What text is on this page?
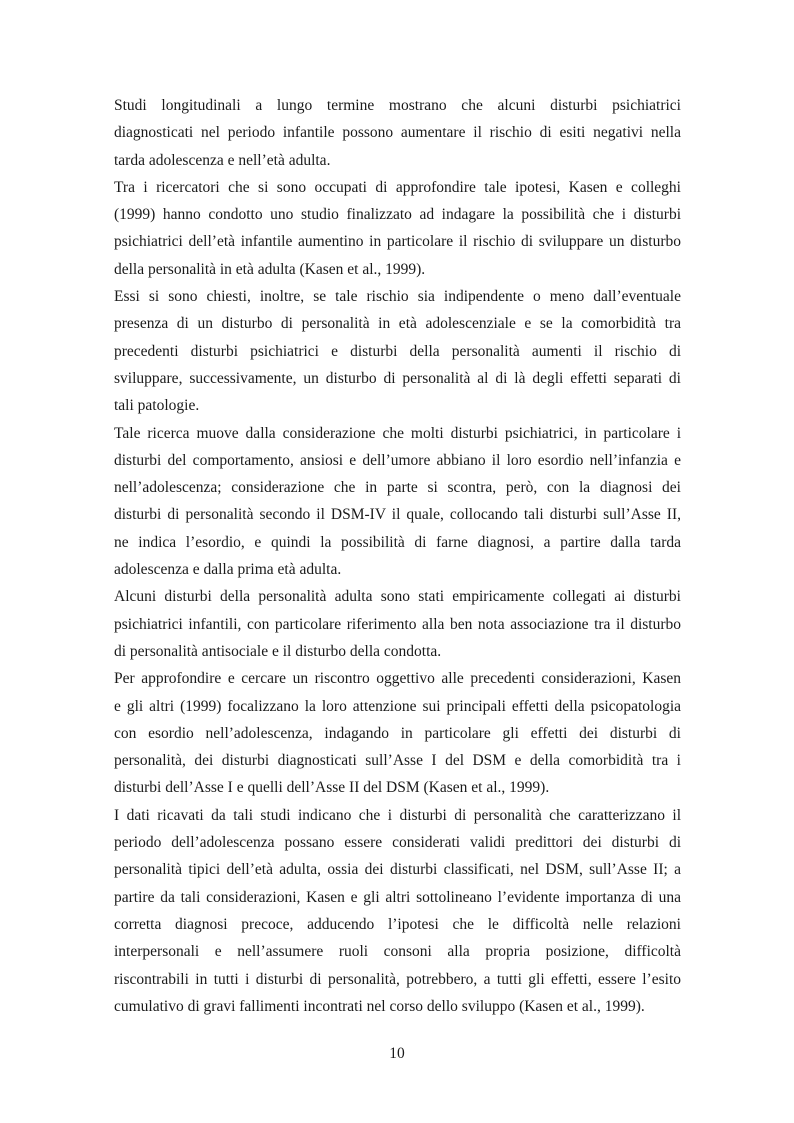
Studi longitudinali a lungo termine mostrano che alcuni disturbi psichiatrici
diagnosticati nel periodo infantile possono aumentare il rischio di esiti negativi nella
tarda adolescenza e nell’età adulta.
Tra i ricercatori che si sono occupati di approfondire tale ipotesi, Kasen e colleghi
(1999) hanno condotto uno studio finalizzato ad indagare la possibilità che i disturbi
psichiatrici dell’età infantile aumentino in particolare il rischio di sviluppare un disturbo
della personalità in età adulta (Kasen et al., 1999).
Essi si sono chiesti, inoltre, se tale rischio sia indipendente o meno dall’eventuale
presenza di un disturbo di personalità in età adolescenziale e se la comorbidità tra
precedenti disturbi psichiatrici e disturbi della personalità aumenti il rischio di
sviluppare, successivamente, un disturbo di personalità al di là degli effetti separati di
tali patologie.
Tale ricerca muove dalla considerazione che molti disturbi psichiatrici, in particolare i
disturbi del comportamento, ansiosi e dell’umore abbiano il loro esordio nell’infanzia e
nell’adolescenza; considerazione che in parte si scontra, però, con la diagnosi dei
disturbi di personalità secondo il DSM-IV il quale, collocando tali disturbi sull’Asse II,
ne indica l’esordio, e quindi la possibilità di farne diagnosi, a partire dalla tarda
adolescenza e dalla prima età adulta.
Alcuni disturbi della personalità adulta sono stati empiricamente collegati ai disturbi
psichiatrici infantili, con particolare riferimento alla ben nota associazione tra il disturbo
di personalità antisociale e il disturbo della condotta.
Per approfondire e cercare un riscontro oggettivo alle precedenti considerazioni, Kasen
e gli altri (1999) focalizzano la loro attenzione sui principali effetti della psicopatologia
con esordio nell’adolescenza, indagando in particolare gli effetti dei disturbi di
personalità, dei disturbi diagnosticati sull’Asse I del DSM e della comorbidità tra i
disturbi dell’Asse I e quelli dell’Asse II del DSM (Kasen et al., 1999).
I dati ricavati da tali studi indicano che i disturbi di personalità che caratterizzano il
periodo dell’adolescenza possano essere considerati validi predittori dei disturbi di
personalità tipici dell’età adulta, ossia dei disturbi classificati, nel DSM, sull’Asse II; a
partire da tali considerazioni, Kasen e gli altri sottolineano l’evidente importanza di una
corretta diagnosi precoce, adducendo l’ipotesi che le difficoltà nelle relazioni
interpersonali e nell’assumere ruoli consoni alla propria posizione, difficoltà
riscontrabili in tutti i disturbi di personalità, potrebbero, a tutti gli effetti, essere l’esito
cumulativo di gravi fallimenti incontrati nel corso dello sviluppo (Kasen et al., 1999).
10
